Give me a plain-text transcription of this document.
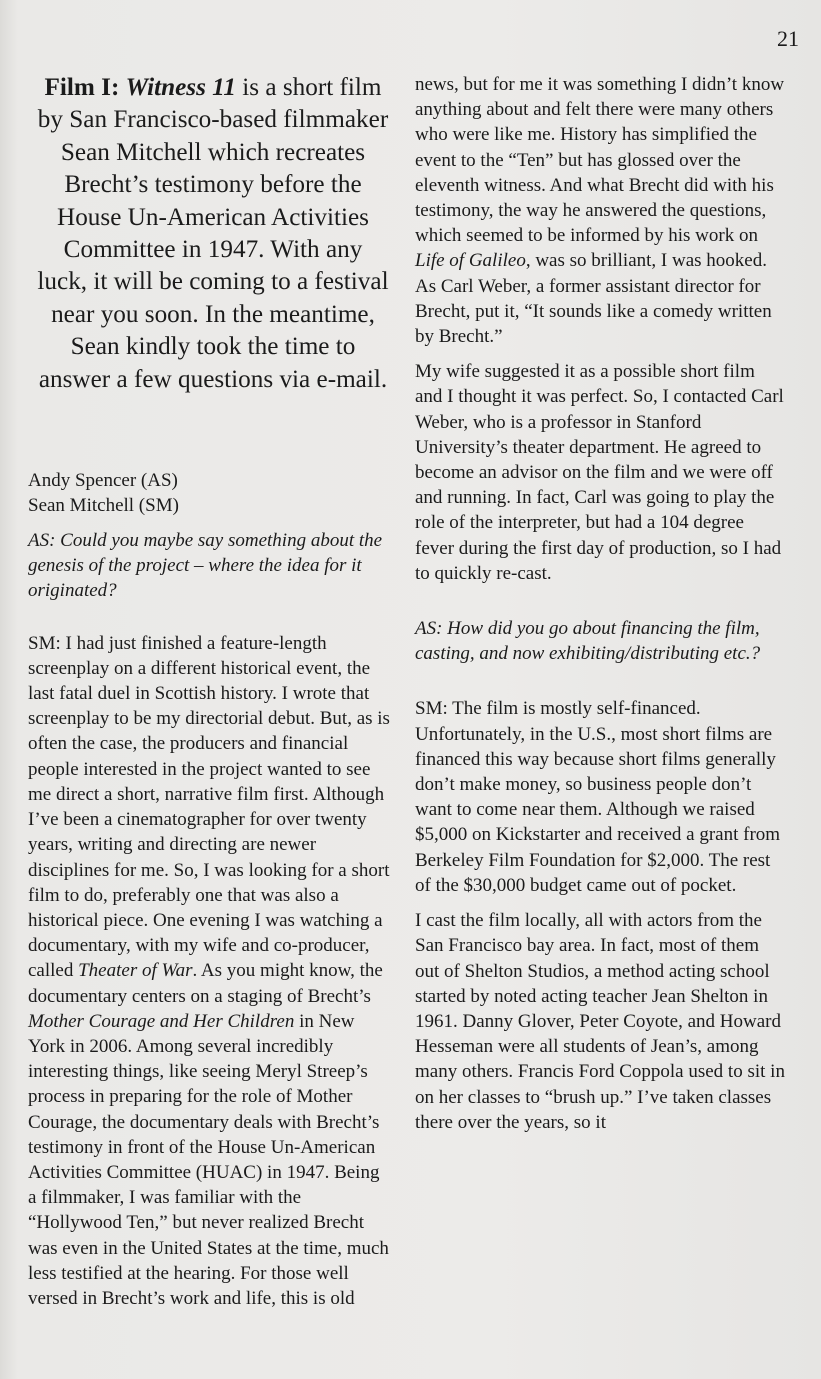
21
Film I: Witness 11 is a short film by San Francisco-based filmmaker Sean Mitchell which recreates Brecht’s testimony before the House Un-American Activities Committee in 1947. With any luck, it will be coming to a festival near you soon. In the meantime, Sean kindly took the time to answer a few questions via e-mail.
Andy Spencer (AS)
Sean Mitchell (SM)

AS: Could you maybe say something about the genesis of the project – where the idea for it originated?

SM: I had just finished a feature-length screenplay on a different historical event, the last fatal duel in Scottish history. I wrote that screenplay to be my directorial debut. But, as is often the case, the producers and financial people interested in the project wanted to see me direct a short, narrative film first. Although I’ve been a cinematographer for over twenty years, writing and directing are newer disciplines for me. So, I was looking for a short film to do, preferably one that was also a historical piece. One evening I was watching a documentary, with my wife and co-producer, called Theater of War. As you might know, the documentary centers on a staging of Brecht’s Mother Courage and Her Children in New York in 2006. Among several incredibly interesting things, like seeing Meryl Streep’s process in preparing for the role of Mother Courage, the documentary deals with Brecht’s testimony in front of the House Un-American Activities Committee (HUAC) in 1947. Being a filmmaker, I was familiar with the “Hollywood Ten,” but never realized Brecht was even in the United States at the time, much less testified at the hearing. For those well versed in Brecht’s work and life, this is old

news, but for me it was something I didn’t know anything about and felt there were many others who were like me. History has simplified the event to the “Ten” but has glossed over the eleventh witness. And what Brecht did with his testimony, the way he answered the questions, which seemed to be informed by his work on Life of Galileo, was so brilliant, I was hooked. As Carl Weber, a former assistant director for Brecht, put it, “It sounds like a comedy written by Brecht.”

My wife suggested it as a possible short film and I thought it was perfect. So, I contacted Carl Weber, who is a professor in Stanford University’s theater department. He agreed to become an advisor on the film and we were off and running. In fact, Carl was going to play the role of the interpreter, but had a 104 degree fever during the first day of production, so I had to quickly re-cast.

AS: How did you go about financing the film, casting, and now exhibiting/distributing etc.?

SM: The film is mostly self-financed. Unfortunately, in the U.S., most short films are financed this way because short films generally don’t make money, so business people don’t want to come near them. Although we raised $5,000 on Kickstarter and received a grant from Berkeley Film Foundation for $2,000. The rest of the $30,000 budget came out of pocket.

I cast the film locally, all with actors from the San Francisco bay area. In fact, most of them out of Shelton Studios, a method acting school started by noted acting teacher Jean Shelton in 1961. Danny Glover, Peter Coyote, and Howard Hesseman were all students of Jean’s, among many others. Francis Ford Coppola used to sit in on her classes to “brush up.” I’ve taken classes there over the years, so it
